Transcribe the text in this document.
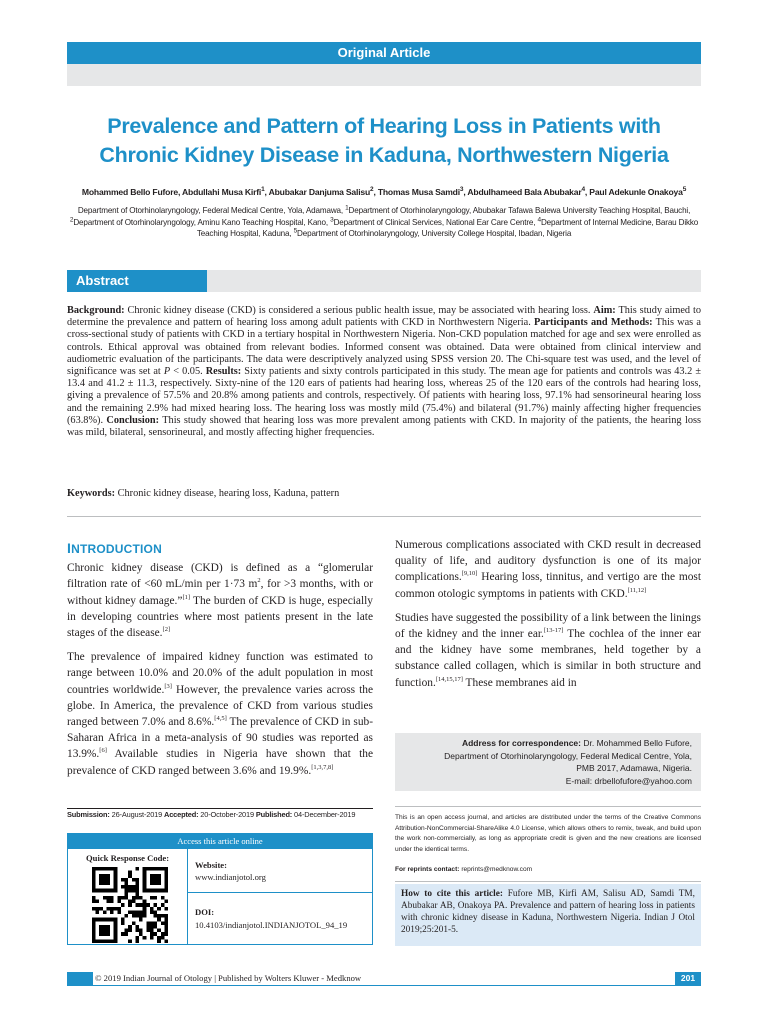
Original Article
Prevalence and Pattern of Hearing Loss in Patients with
Chronic Kidney Disease in Kaduna, Northwestern Nigeria
Mohammed Bello Fufore, Abdullahi Musa Kirfi$^1$, Abubakar Danjuma Salisu$^2$, Thomas Musa Samdi$^3$, Abdulhameed Bala Abubakar$^4$, Paul Adekunle Onakoya$^5$
Department of Otorhinolaryngology, Federal Medical Centre, Yola, Adamawa, $^1$Department of Otorhinolaryngology, Abubakar Tafawa Balewa University Teaching Hospital, Bauchi, $^2$Department of Otorhinolaryngology, Aminu Kano Teaching Hospital, Kano, $^3$Department of Clinical Services, National Ear Care Centre, $^4$Department of Internal Medicine, Barau Dikko Teaching Hospital, Kaduna, $^5$Department of Otorhinolaryngology, University College Hospital, Ibadan, Nigeria
Abstract
Background: Chronic kidney disease (CKD) is considered a serious public health issue, may be associated with hearing loss. Aim: This study aimed to determine the prevalence and pattern of hearing loss among adult patients with CKD in Northwestern Nigeria. Participants and Methods: This was a cross-sectional study of patients with CKD in a tertiary hospital in Northwestern Nigeria. Non-CKD population matched for age and sex were enrolled as controls. Ethical approval was obtained from relevant bodies. Informed consent was obtained. Data were obtained from clinical interview and audiometric evaluation of the participants. The data were descriptively analyzed using SPSS version 20. The Chi-square test was used, and the level of significance was set at P < 0.05. Results: Sixty patients and sixty controls participated in this study. The mean age for patients and controls was 43.2 ± 13.4 and 41.2 ± 11.3, respectively. Sixty-nine of the 120 ears of patients had hearing loss, whereas 25 of the 120 ears of the controls had hearing loss, giving a prevalence of 57.5% and 20.8% among patients and controls, respectively. Of patients with hearing loss, 97.1% had sensorineural hearing loss and the remaining 2.9% had mixed hearing loss. The hearing loss was mostly mild (75.4%) and bilateral (91.7%) mainly affecting higher frequencies (63.8%). Conclusion: This study showed that hearing loss was more prevalent among patients with CKD. In majority of the patients, the hearing loss was mild, bilateral, sensorineural, and mostly affecting higher frequencies.
Keywords: Chronic kidney disease, hearing loss, Kaduna, pattern
INTRODUCTION

Chronic kidney disease (CKD) is defined as a “glomerular filtration rate of <60 mL/min per 1·73 $m^2$, for >3 months, with or without kidney damage.”[1] The burden of CKD is huge, especially in developing countries where most patients present in the late stages of the disease.[2]

The prevalence of impaired kidney function was estimated to range between 10.0% and 20.0% of the adult population in most countries worldwide.[3] However, the prevalence varies across the globe. In America, the prevalence of CKD from various studies ranged between 7.0% and 8.6%.[4,5] The prevalence of CKD in sub-Saharan Africa in a meta-analysis of 90 studies was reported as 13.9%.[6] Available studies in Nigeria have shown that the prevalence of CKD ranged between 3.6% and 19.9%.[1,3,7,8]

Numerous complications associated with CKD result in decreased quality of life, and auditory dysfunction is one of its major complications.[9,10] Hearing loss, tinnitus, and vertigo are the most common otologic symptoms in patients with CKD.[11,12]

Studies have suggested the possibility of a link between the linings of the kidney and the inner ear.[13-17] The cochlea of the inner ear and the kidney have some membranes, held together by a substance called collagen, which is similar in both structure and function.[14,15,17] These membranes aid in

Submission: 26-August-2019 Accepted: 20-October-2019 Published: 04-December-2019
Access this article online
Quick Response Code:
Website:
www.indianjotol.org
DOI:
10.4103/indianjotol.INDIANJOTOL_94_19
Address for correspondence: Dr. Mohammed Bello Fufore,
Department of Otorhinolaryngology, Federal Medical Centre, Yola,
PMB 2017, Adamawa, Nigeria.
E-mail: drbellofufore@yahoo.com
This is an open access journal, and articles are distributed under the terms of the Creative Commons Attribution-NonCommercial-ShareAlike 4.0 License, which allows others to remix, tweak, and build upon the work non-commercially, as long as appropriate credit is given and the new creations are licensed under the identical terms.
For reprints contact: reprints@medknow.com
How to cite this article: Fufore MB, Kirfi AM, Salisu AD, Samdi TM, Abubakar AB, Onakoya PA. Prevalence and pattern of hearing loss in patients with chronic kidney disease in Kaduna, Northwestern Nigeria. Indian J Otol 2019;25:201-5.
© 2019 Indian Journal of Otology | Published by Wolters Kluwer - Medknow	201
